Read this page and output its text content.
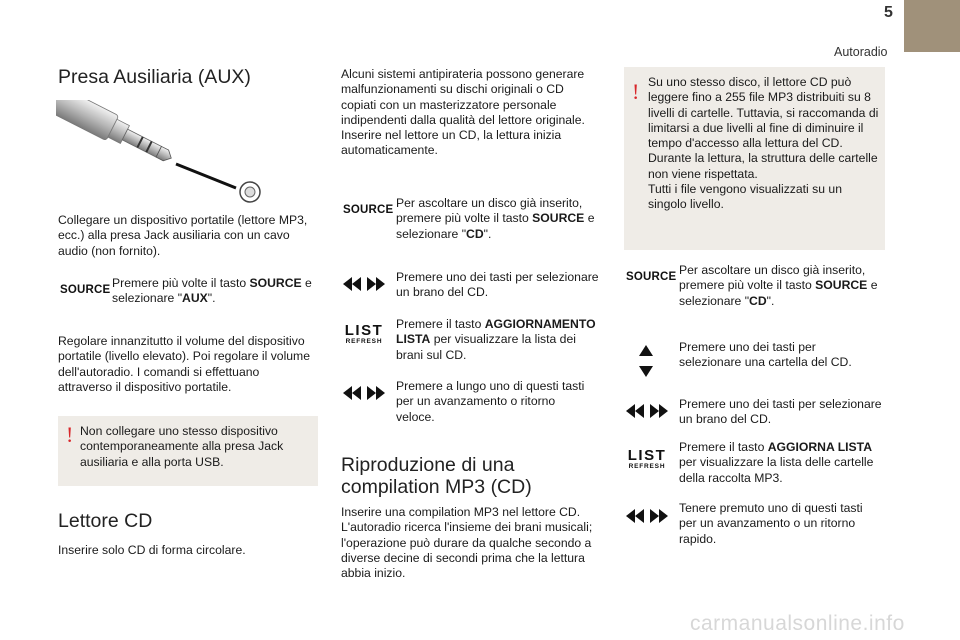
5
Autoradio
Presa Ausiliaria (AUX)

Collegare un dispositivo portatile (lettore MP3, ecc.) alla presa Jack ausiliaria con un cavo audio (non fornito).

SOURCE Premere più volte il tasto SOURCE e selezionare "AUX".

Regolare innanzitutto il volume del dispositivo portatile (livello elevato). Poi regolare il volume dell'autoradio. I comandi si effettuano attraverso il dispositivo portatile.

! Non collegare uno stesso dispositivo contemporaneamente alla presa Jack ausiliaria e alla porta USB.

Lettore CD

Inserire solo CD di forma circolare.

Alcuni sistemi antipirateria possono generare malfunzionamenti su dischi originali o CD copiati con un masterizzatore personale indipendenti dalla qualità del lettore originale.
Inserire nel lettore un CD, la lettura inizia automaticamente.

SOURCE Per ascoltare un disco già inserito, premere più volte il tasto SOURCE e selezionare "CD".

Premere uno dei tasti per selezionare un brano del CD.

LIST
REFRESH

Premere il tasto AGGIORNAMENTO LISTA per visualizzare la lista dei brani sul CD.

Premere a lungo uno di questi tasti per un avanzamento o ritorno veloce.

Riproduzione di una
compilation MP3 (CD)

Inserire una compilation MP3 nel lettore CD.
L'autoradio ricerca l'insieme dei brani musicali; l'operazione può durare da qualche secondo a diverse decine di secondi prima che la lettura abbia inizio.

! Su uno stesso disco, il lettore CD può leggere fino a 255 file MP3 distribuiti su 8 livelli di cartelle. Tuttavia, si raccomanda di limitarsi a due livelli al fine di diminuire il tempo d'accesso alla lettura del CD.
Durante la lettura, la struttura delle cartelle non viene rispettata.
Tutti i file vengono visualizzati su un singolo livello.

SOURCE Per ascoltare un disco già inserito, premere più volte il tasto SOURCE e selezionare "CD".

Premere uno dei tasti per selezionare una cartella del CD.

Premere uno dei tasti per selezionare un brano del CD.

LIST
REFRESH

Premere il tasto AGGIORNA LISTA per visualizzare la lista delle cartelle della raccolta MP3.

Tenere premuto uno di questi tasti per un avanzamento o un ritorno rapido.

carmanualsonline.info
